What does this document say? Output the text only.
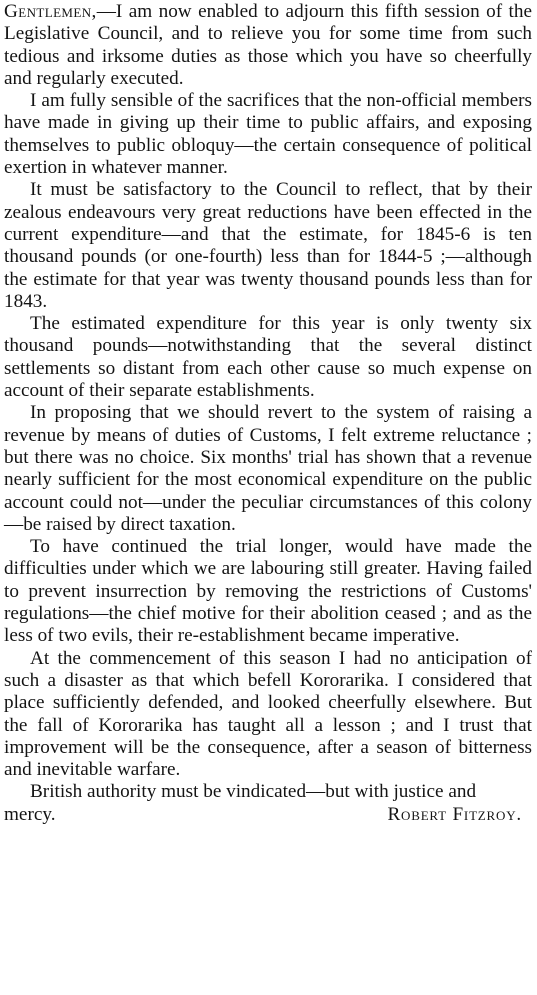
Gentlemen,—I am now enabled to adjourn this fifth session of the Legislative Council, and to relieve you for some time from such tedious and irksome duties as those which you have so cheerfully and regularly executed.

I am fully sensible of the sacrifices that the non-official members have made in giving up their time to public affairs, and exposing themselves to public obloquy—the certain consequence of political exertion in whatever manner.

It must be satisfactory to the Council to reflect, that by their zealous endeavours very great reductions have been effected in the current expenditure—and that the estimate, for 1845-6 is ten thousand pounds (or one-fourth) less than for 1844-5 ;—although the estimate for that year was twenty thousand pounds less than for 1843.

The estimated expenditure for this year is only twenty six thousand pounds—notwithstanding that the several distinct settlements so distant from each other cause so much expense on account of their separate establishments.

In proposing that we should revert to the system of raising a revenue by means of duties of Customs, I felt extreme reluctance ; but there was no choice. Six months' trial has shown that a revenue nearly sufficient for the most economical expenditure on the public account could not—under the peculiar circumstances of this colony—be raised by direct taxation.

To have continued the trial longer, would have made the difficulties under which we are labouring still greater. Having failed to prevent insurrection by removing the restrictions of Customs' regulations—the chief motive for their abolition ceased ; and as the less of two evils, their re-establishment became imperative.

At the commencement of this season I had no anticipation of such a disaster as that which befell Kororarika. I considered that place sufficiently defended, and looked cheerfully elsewhere. But the fall of Kororarika has taught all a lesson ; and I trust that improvement will be the consequence, after a season of bitterness and inevitable warfare.

British authority must be vindicated—but with justice and mercy.	Robert Fitzroy.
